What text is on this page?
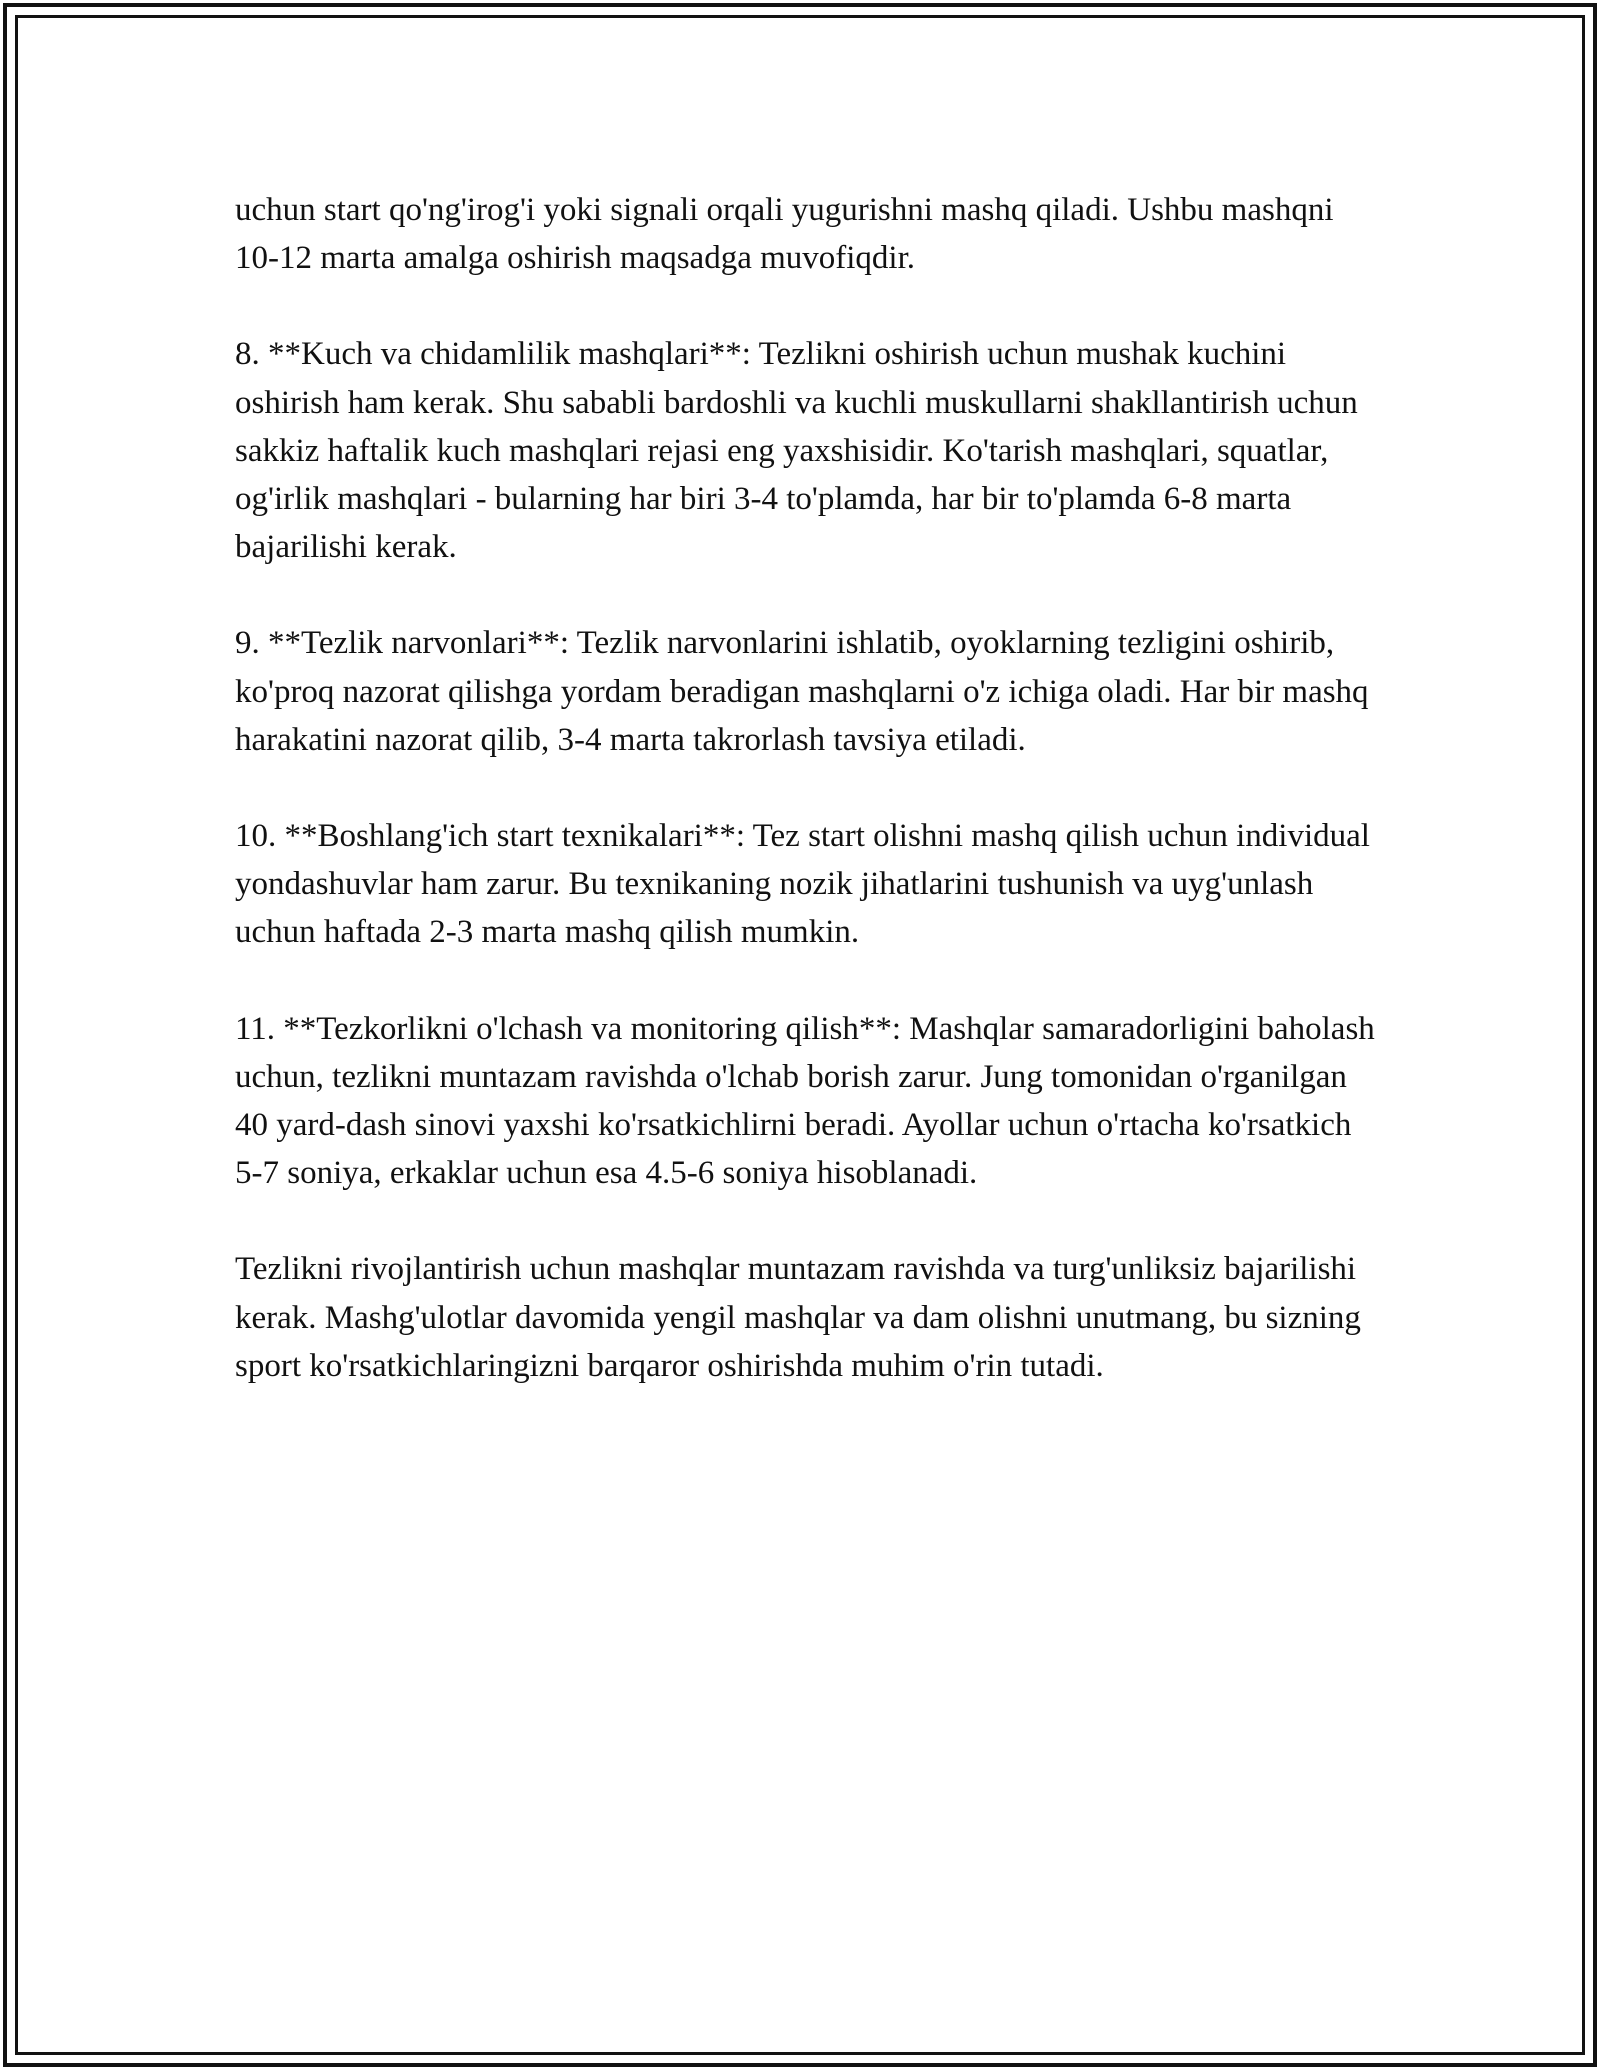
uchun start qo'ng'irog'i yoki signali orqali yugurishni mashq qiladi. Ushbu mashqni 10-12 marta amalga oshirish maqsadga muvofiqdir.

8. **Kuch va chidamlilik mashqlari**: Tezlikni oshirish uchun mushak kuchini oshirish ham kerak. Shu sababli bardoshli va kuchli muskullarni shakllantirish uchun sakkiz haftalik kuch mashqlari rejasi eng yaxshisidir. Ko'tarish mashqlari, squatlar, og'irlik mashqlari - bularning har biri 3-4 to'plamda, har bir to'plamda 6-8 marta bajarilishi kerak.

9. **Tezlik narvonlari**: Tezlik narvonlarini ishlatib, oyoklarning tezligini oshirib, ko'proq nazorat qilishga yordam beradigan mashqlarni o'z ichiga oladi. Har bir mashq harakatini nazorat qilib, 3-4 marta takrorlash tavsiya etiladi.

10. **Boshlang'ich start texnikalari**: Tez start olishni mashq qilish uchun individual yondashuvlar ham zarur. Bu texnikaning nozik jihatlarini tushunish va uyg'unlash uchun haftada 2-3 marta mashq qilish mumkin.

11. **Tezkorlikni o'lchash va monitoring qilish**: Mashqlar samaradorligini baholash uchun, tezlikni muntazam ravishda o'lchab borish zarur. Jung tomonidan o'rganilgan 40 yard-dash sinovi yaxshi ko'rsatkichlirni beradi. Ayollar uchun o'rtacha ko'rsatkich 5-7 soniya, erkaklar uchun esa 4.5-6 soniya hisoblanadi.

Tezlikni rivojlantirish uchun mashqlar muntazam ravishda va turg'unliksiz bajarilishi kerak. Mashg'ulotlar davomida yengil mashqlar va dam olishni unutmang, bu sizning sport ko'rsatkichlaringizni barqaror oshirishda muhim o'rin tutadi.
